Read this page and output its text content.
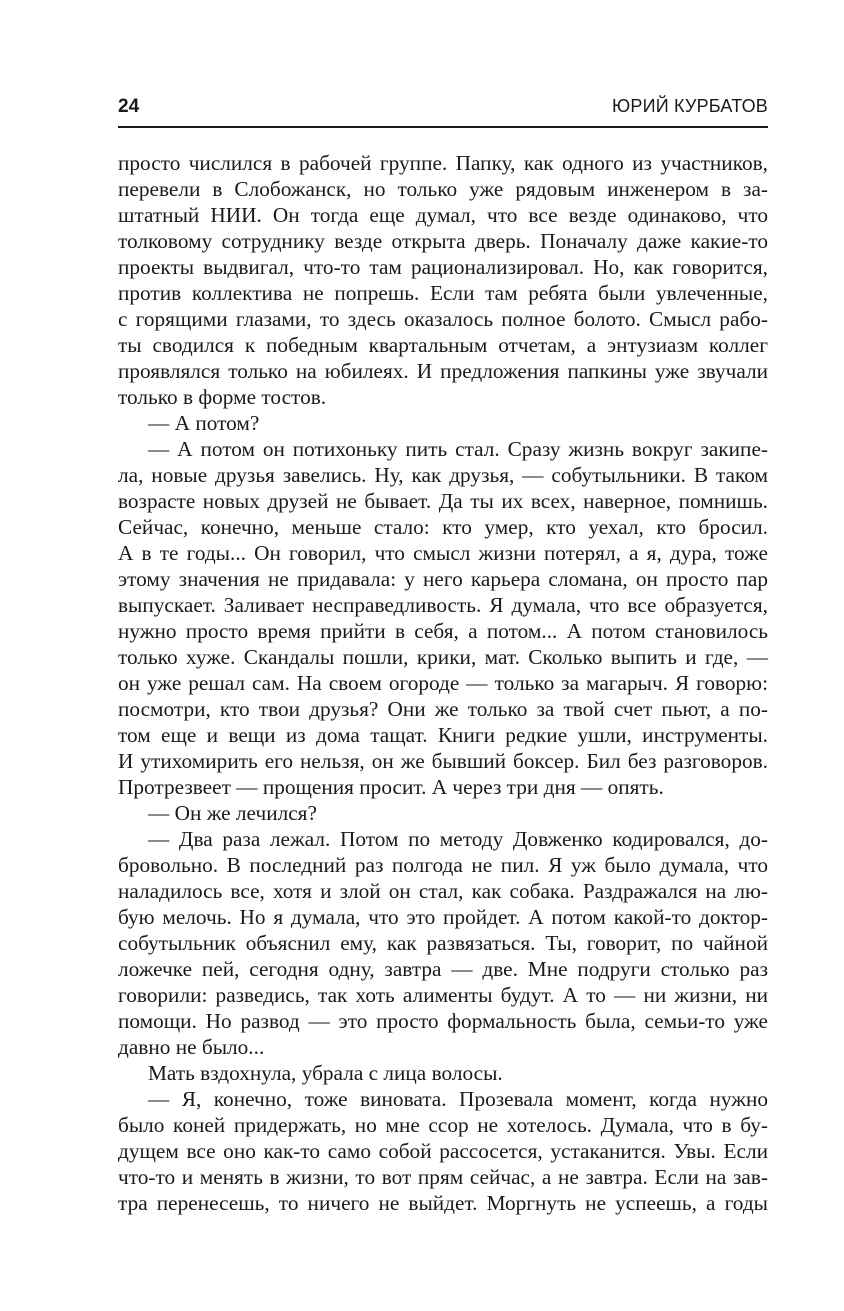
24	ЮРИЙ КУРБАТОВ
просто числился в рабочей группе. Папку, как одного из участников,
перевели в Слобожанск, но только уже рядовым инженером в за-
штатный НИИ. Он тогда еще думал, что все везде одинаково, что
толковому сотруднику везде открыта дверь. Поначалу даже какие-то
проекты выдвигал, что-то там рационализировал. Но, как говорится,
против коллектива не попрешь. Если там ребята были увлеченные,
с горящими глазами, то здесь оказалось полное болото. Смысл рабо-
ты сводился к победным квартальным отчетам, а энтузиазм коллег
проявлялся только на юбилеях. И предложения папкины уже звучали
только в форме тостов.
— А потом?
— А потом он потихоньку пить стал. Сразу жизнь вокруг закипе-
ла, новые друзья завелись. Ну, как друзья, — собутыльники. В таком
возрасте новых друзей не бывает. Да ты их всех, наверное, помнишь.
Сейчас, конечно, меньше стало: кто умер, кто уехал, кто бросил.
А в те годы... Он говорил, что смысл жизни потерял, а я, дура, тоже
этому значения не придавала: у него карьера сломана, он просто пар
выпускает. Заливает несправедливость. Я думала, что все образуется,
нужно просто время прийти в себя, а потом... А потом становилось
только хуже. Скандалы пошли, крики, мат. Сколько выпить и где, —
он уже решал сам. На своем огороде — только за магарыч. Я говорю:
посмотри, кто твои друзья? Они же только за твой счет пьют, а по-
том еще и вещи из дома тащат. Книги редкие ушли, инструменты.
И утихомирить его нельзя, он же бывший боксер. Бил без разговоров.
Протрезвеет — прощения просит. А через три дня — опять.
— Он же лечился?
— Два раза лежал. Потом по методу Довженко кодировался, до-
бровольно. В последний раз полгода не пил. Я уж было думала, что
наладилось все, хотя и злой он стал, как собака. Раздражался на лю-
бую мелочь. Но я думала, что это пройдет. А потом какой-то доктор-
собутыльник объяснил ему, как развязаться. Ты, говорит, по чайной
ложечке пей, сегодня одну, завтра — две. Мне подруги столько раз
говорили: разведись, так хоть алименты будут. А то — ни жизни, ни
помощи. Но развод — это просто формальность была, семьи-то уже
давно не было...
Мать вздохнула, убрала с лица волосы.
— Я, конечно, тоже виновата. Прозевала момент, когда нужно
было коней придержать, но мне ссор не хотелось. Думала, что в бу-
дущем все оно как-то само собой рассосется, устаканится. Увы. Если
что-то и менять в жизни, то вот прям сейчас, а не завтра. Если на зав-
тра перенесешь, то ничего не выйдет. Моргнуть не успеешь, а годы
